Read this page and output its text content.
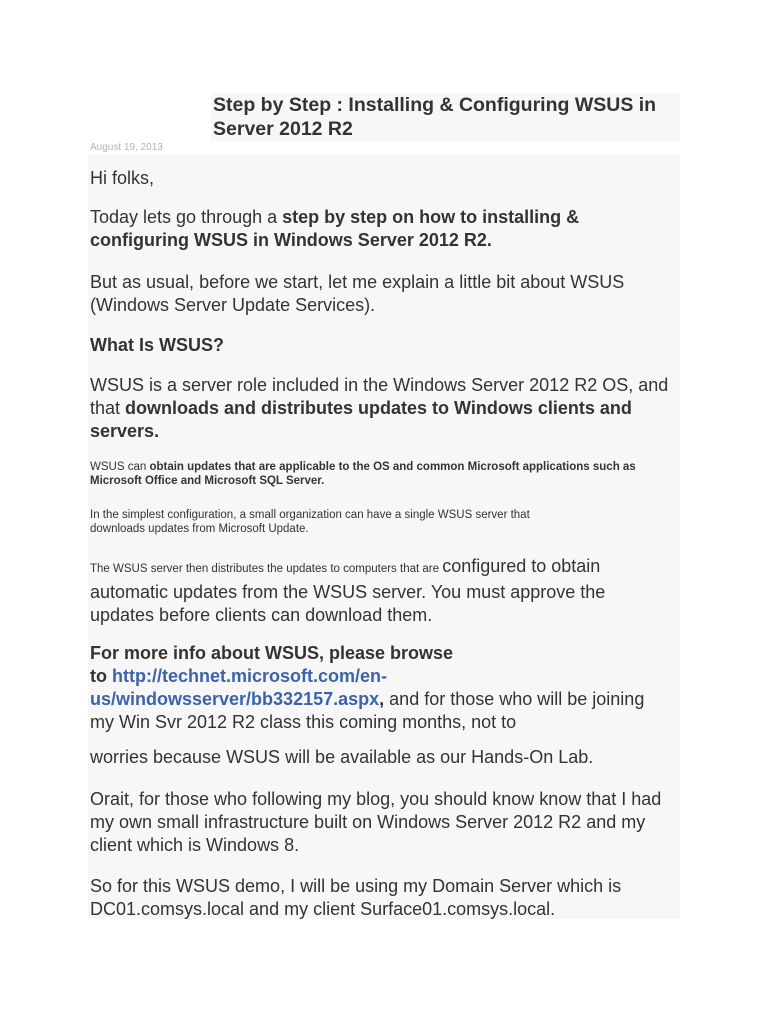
Step by Step : Installing & Configuring WSUS in Server 2012 R2
August 19, 2013

Hi folks,

Today lets go through a step by step on how to installing & configuring WSUS in Windows Server 2012 R2.

But as usual, before we start, let me explain a little bit about WSUS (Windows Server Update Services).

What Is WSUS?

WSUS is a server role included in the Windows Server 2012 R2 OS, and that downloads and distributes updates to Windows clients and servers.

WSUS can obtain updates that are applicable to the OS and common Microsoft applications such as Microsoft Office and Microsoft SQL Server.

In the simplest configuration, a small organization can have a single WSUS server that
downloads updates from Microsoft Update.

The WSUS server then distributes the updates to computers that are configured to obtain automatic updates from the WSUS server. You must approve the updates before clients can download them.

For more info about WSUS, please browse
to http://technet.microsoft.com/en-us/windowsserver/bb332157.aspx, and for those who will be joining my Win Svr 2012 R2 class this coming months, not to

worries because WSUS will be available as our Hands-On Lab.

Orait, for those who following my blog, you should know know that I had my own small infrastructure built on Windows Server 2012 R2 and my client which is Windows 8.

So for this WSUS demo, I will be using my Domain Server which is DC01.comsys.local and my client Surface01.comsys.local.
